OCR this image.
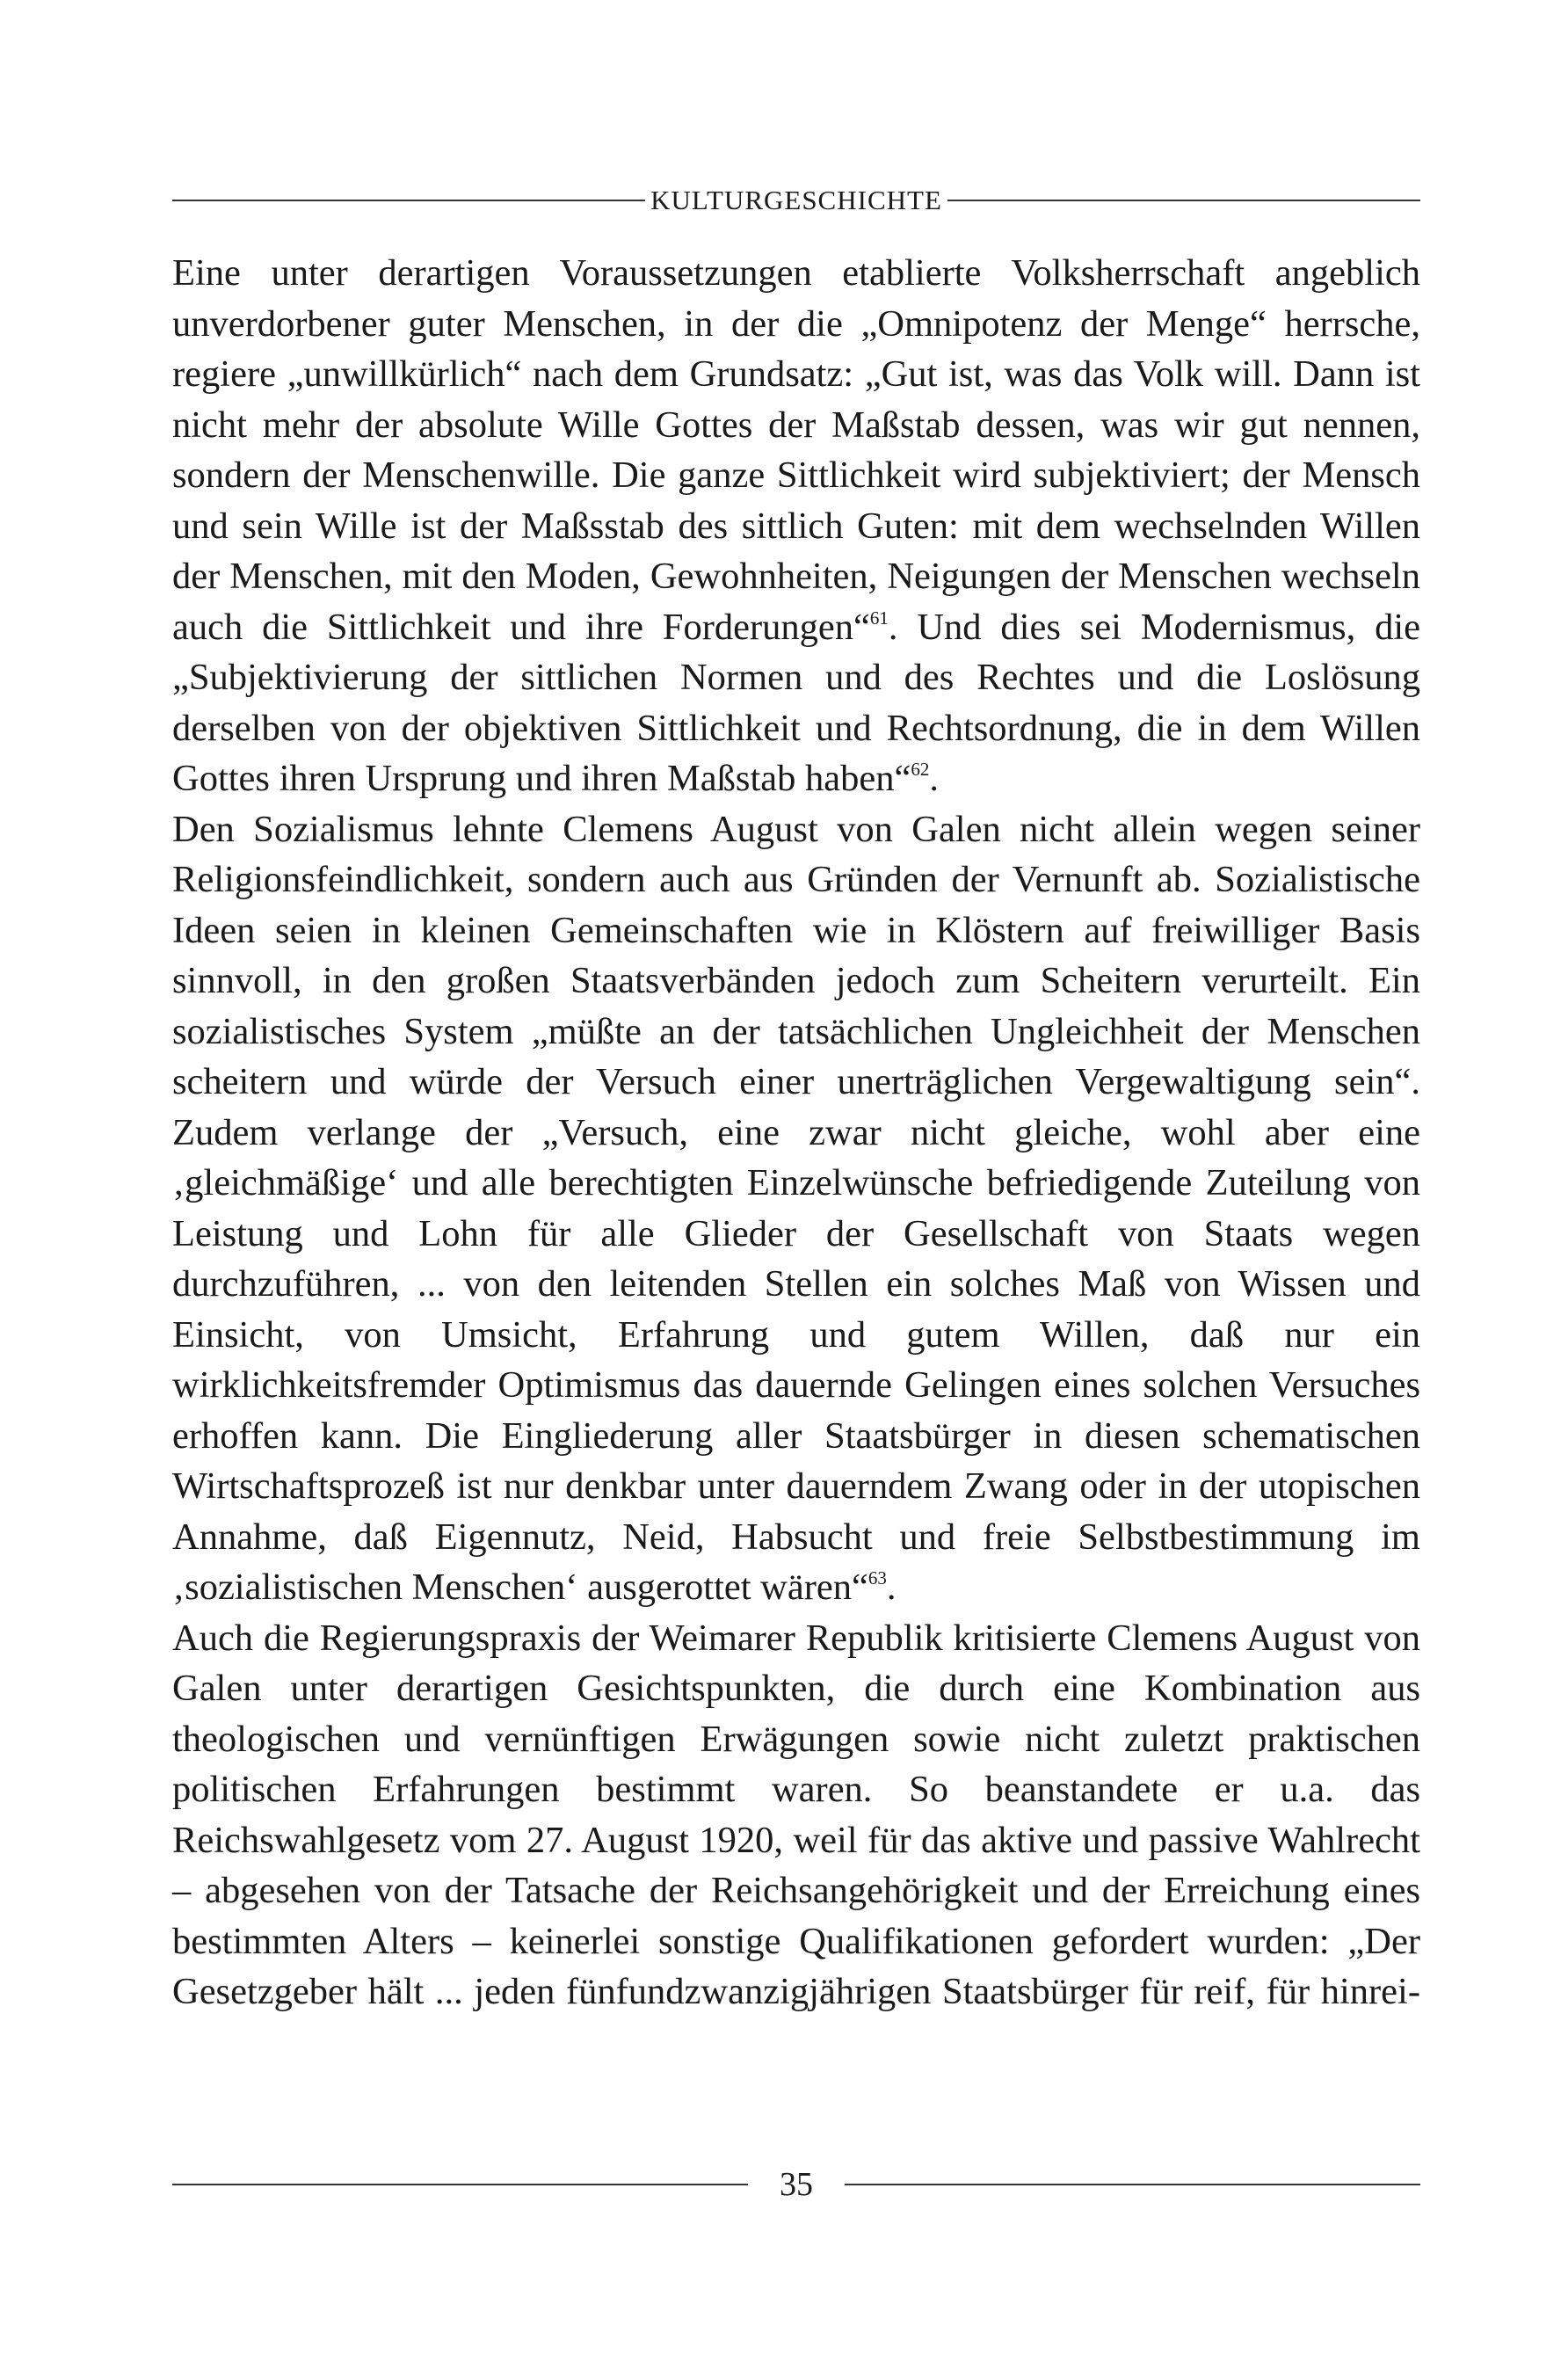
KULTURGESCHICHTE

Eine unter derartigen Voraussetzungen etablierte Volksherrschaft angeblich unverdorbener guter Menschen, in der die „Omnipotenz der Menge“ herrsche, regiere „unwillkürlich“ nach dem Grundsatz: „Gut ist, was das Volk will. Dann ist nicht mehr der absolute Wille Gottes der Maßstab dessen, was wir gut nennen, sondern der Menschenwille. Die ganze Sittlichkeit wird subjektiviert; der Mensch und sein Wille ist der Maßsstab des sittlich Guten: mit dem wechselnden Willen der Menschen, mit den Moden, Gewohnheiten, Neigungen der Menschen wechseln auch die Sittlichkeit und ihre Forderungen“$^{61}$. Und dies sei Modernismus, die „Subjektivierung der sittlichen Normen und des Rechtes und die Loslösung derselben von der objektiven Sittlichkeit und Rechtsordnung, die in dem Willen Gottes ihren Ursprung und ihren Maßstab haben“$^{62}$.

Den Sozialismus lehnte Clemens August von Galen nicht allein wegen seiner Religionsfeindlichkeit, sondern auch aus Gründen der Vernunft ab. Sozialistische Ideen seien in kleinen Gemeinschaften wie in Klöstern auf freiwilliger Basis sinnvoll, in den großen Staatsverbänden jedoch zum Scheitern verurteilt. Ein sozialistisches System „müßte an der tatsächlichen Ungleichheit der Menschen scheitern und würde der Versuch einer unerträglichen Vergewaltigung sein“. Zudem verlange der „Versuch, eine zwar nicht gleiche, wohl aber eine ‚gleichmäßige‘ und alle berechtigten Einzelwünsche befriedigende Zuteilung von Leistung und Lohn für alle Glieder der Gesellschaft von Staats wegen durchzuführen, ... von den leitenden Stellen ein solches Maß von Wissen und Einsicht, von Umsicht, Erfahrung und gutem Willen, daß nur ein wirklichkeitsfremder Optimismus das dauernde Gelingen eines solchen Versuches erhoffen kann. Die Eingliederung aller Staatsbürger in diesen schematischen Wirtschaftsprozeß ist nur denkbar unter dauerndem Zwang oder in der utopischen Annahme, daß Eigennutz, Neid, Habsucht und freie Selbstbestimmung im ‚sozialistischen Menschen‘ ausgerottet wären“$^{63}$.

Auch die Regierungspraxis der Weimarer Republik kritisierte Clemens August von Galen unter derartigen Gesichtspunkten, die durch eine Kombination aus theologischen und vernünftigen Erwägungen sowie nicht zuletzt praktischen politischen Erfahrungen bestimmt waren. So beanstandete er u.a. das Reichswahlgesetz vom 27. August 1920, weil für das aktive und passive Wahlrecht – abgesehen von der Tatsache der Reichsangehörigkeit und der Erreichung eines bestimmten Alters – keinerlei sonstige Qualifikationen gefordert wurden: „Der Gesetzgeber hält ... jeden fünfundzwanzigjährigen Staatsbürger für reif, für hinrei-

35
